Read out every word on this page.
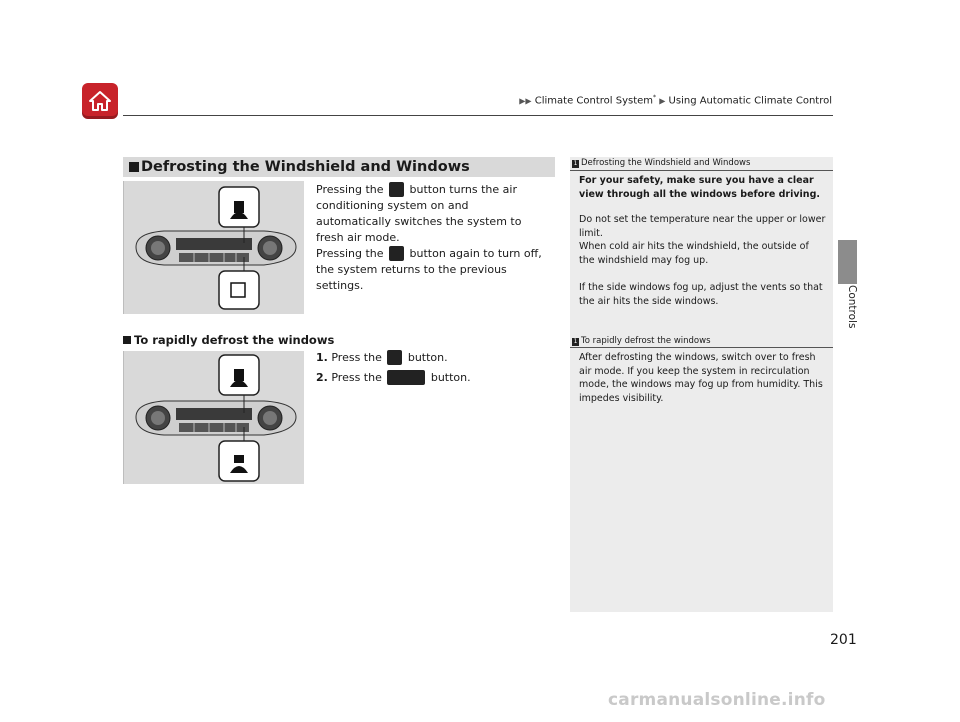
▶▶ Climate Control System* ▶ Using Automatic Climate Control
Controls
Defrosting the Windshield and Windows
Pressing the button turns the air conditioning system on and automatically switches the system to fresh air mode.
Pressing the button again to turn off, the system returns to the previous settings.
To rapidly defrost the windows
1. Press the button.
2. Press the	button.
1 Defrosting the Windshield and Windows
For your safety, make sure you have a clear view through all the windows before driving.
Do not set the temperature near the upper or lower limit.
When cold air hits the windshield, the outside of the windshield may fog up.
If the side windows fog up, adjust the vents so that the air hits the side windows.
1 To rapidly defrost the windows
After defrosting the windows, switch over to fresh air mode. If you keep the system in recirculation mode, the windows may fog up from humidity. This impedes visibility.
201
carmanualsonline.info
